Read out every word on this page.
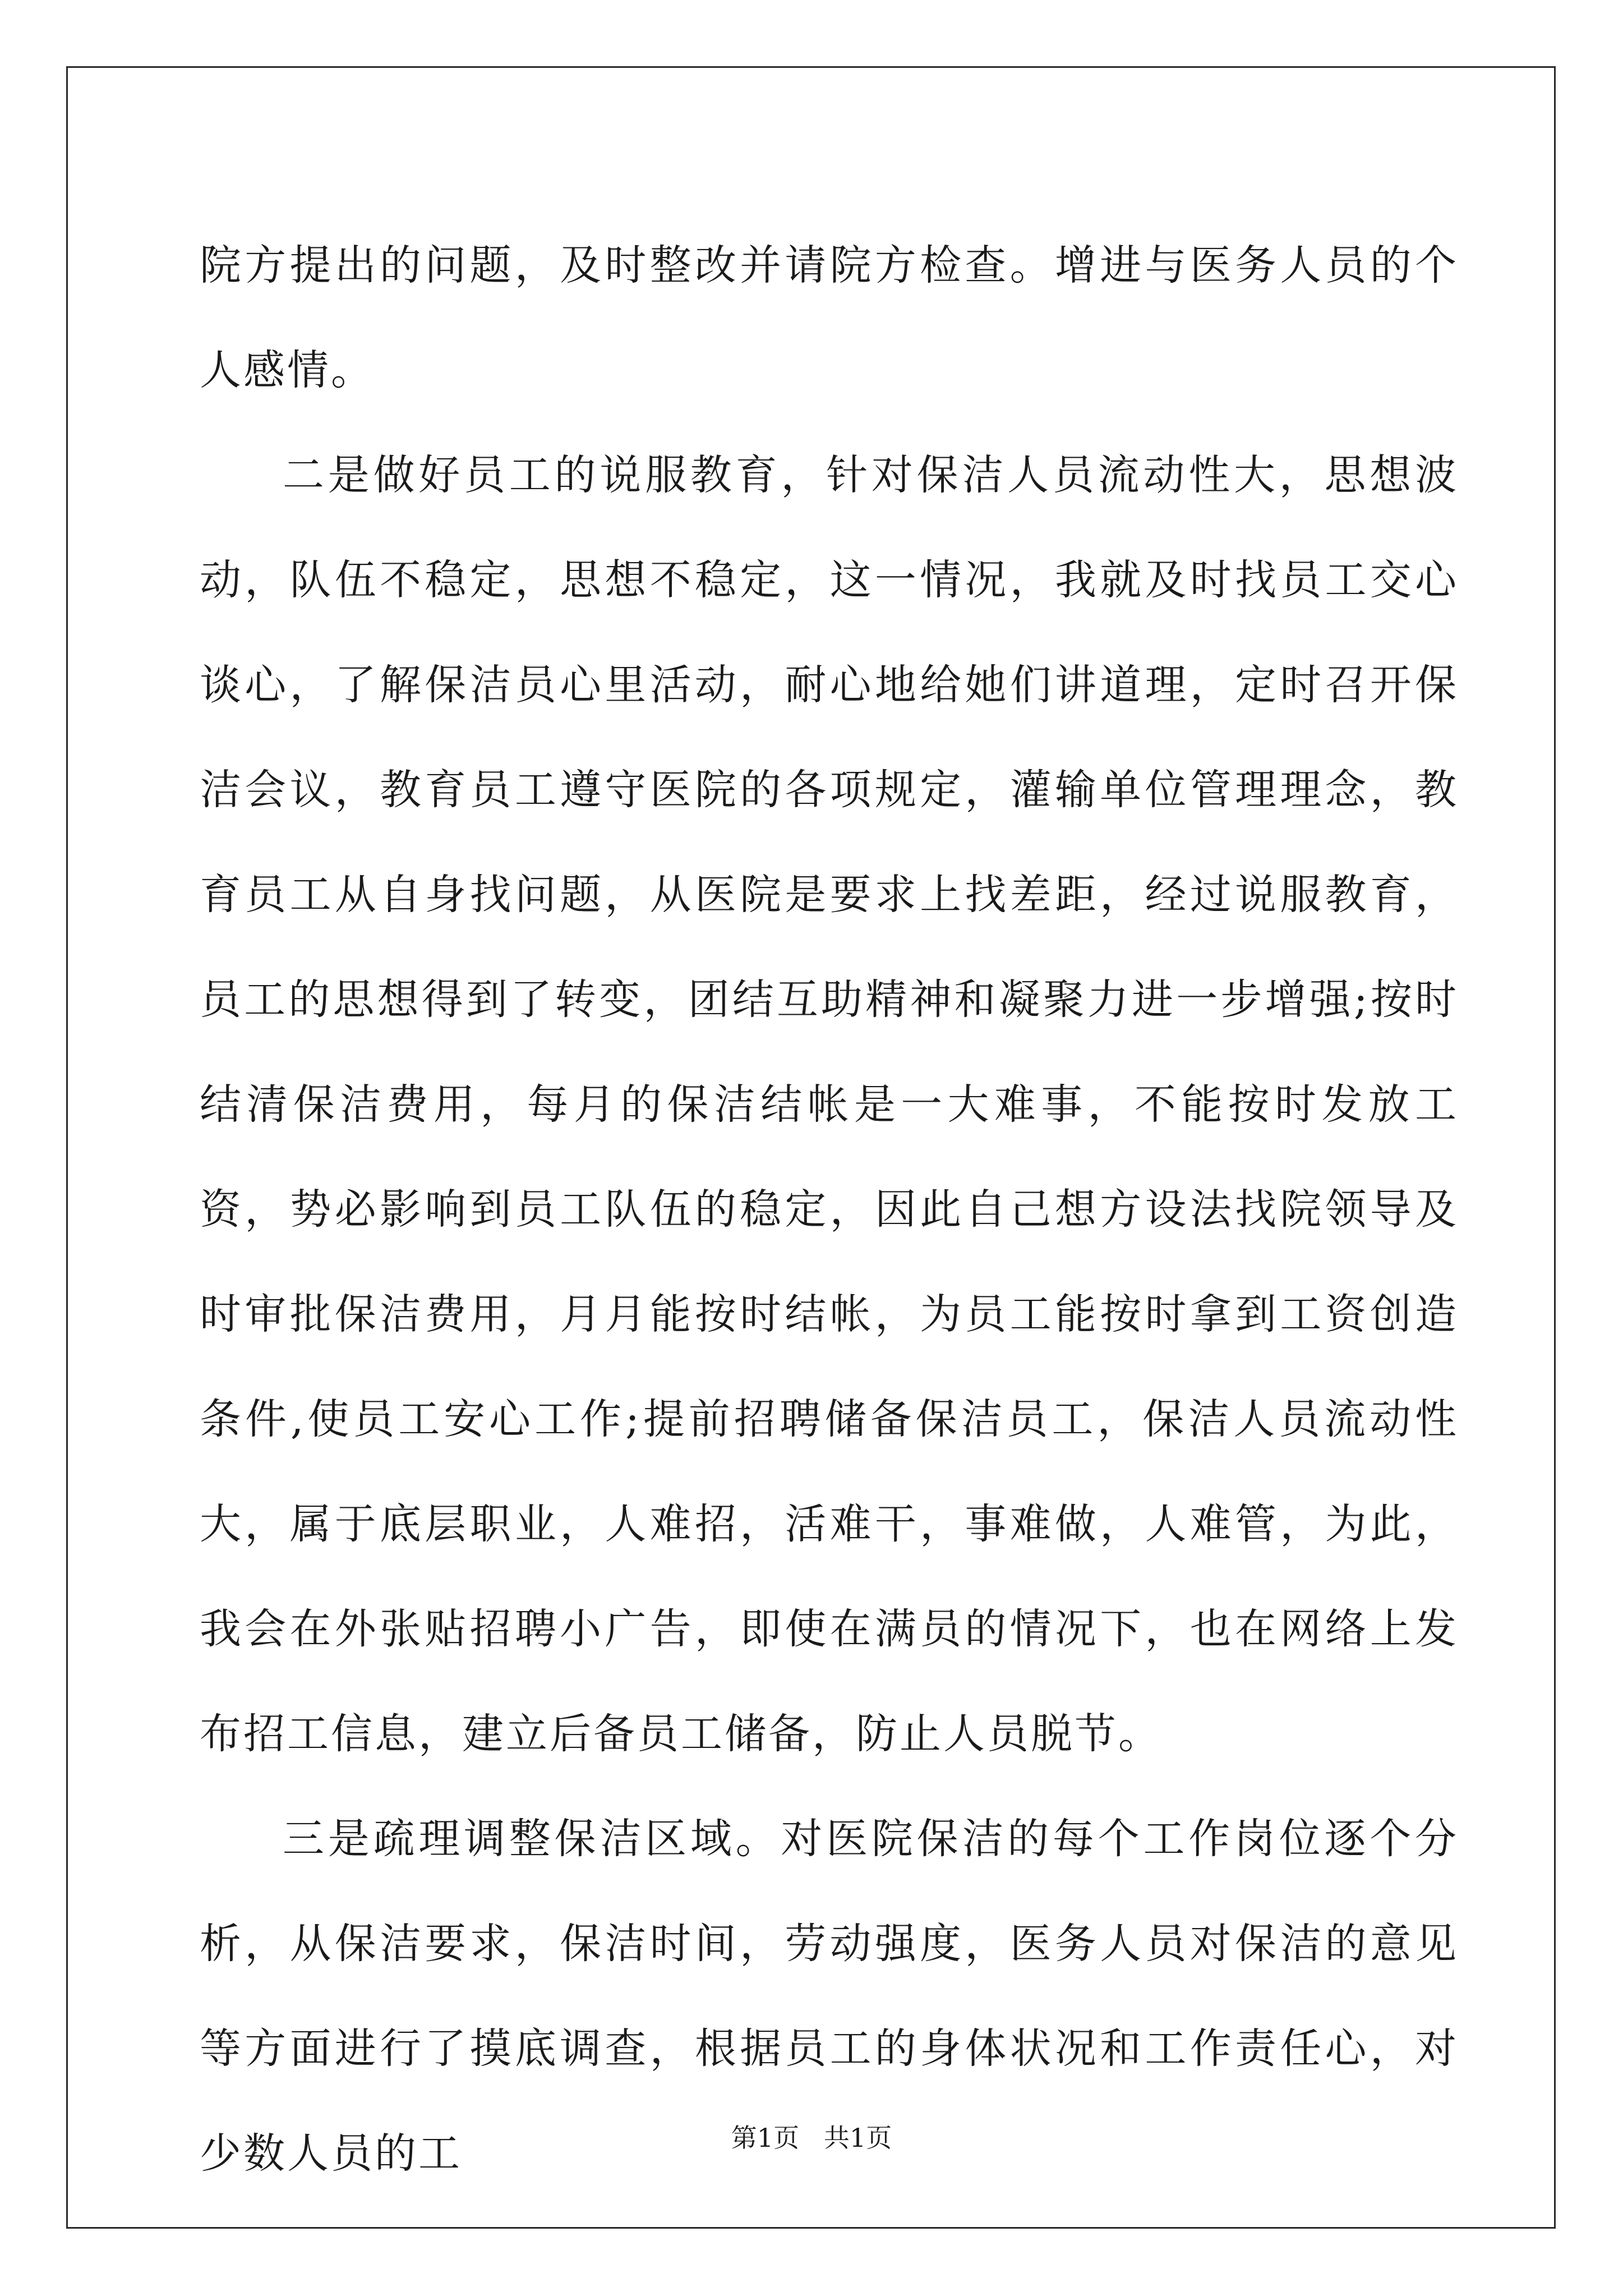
院方提出的问题，及时整改并请院方检查。增进与医务人员的个人感情。

二是做好员工的说服教育，针对保洁人员流动性大，思想波动，队伍不稳定，思想不稳定，这一情况，我就及时找员工交心谈心，了解保洁员心里活动，耐心地给她们讲道理，定时召开保洁会议，教育员工遵守医院的各项规定，灌输单位管理理念，教育员工从自身找问题，从医院是要求上找差距，经过说服教育，员工的思想得到了转变，团结互助精神和凝聚力进一步增强;按时结清保洁费用，每月的保洁结帐是一大难事，不能按时发放工资，势必影响到员工队伍的稳定，因此自己想方设法找院领导及时审批保洁费用，月月能按时结帐，为员工能按时拿到工资创造条件,使员工安心工作;提前招聘储备保洁员工，保洁人员流动性大，属于底层职业，人难招，活难干，事难做，人难管，为此，我会在外张贴招聘小广告，即使在满员的情况下，也在网络上发布招工信息，建立后备员工储备，防止人员脱节。

三是疏理调整保洁区域。对医院保洁的每个工作岗位逐个分析，从保洁要求，保洁时间，劳动强度，医务人员对保洁的意见等方面进行了摸底调查，根据员工的身体状况和工作责任心，对少数人员的工	第1页   共1页
